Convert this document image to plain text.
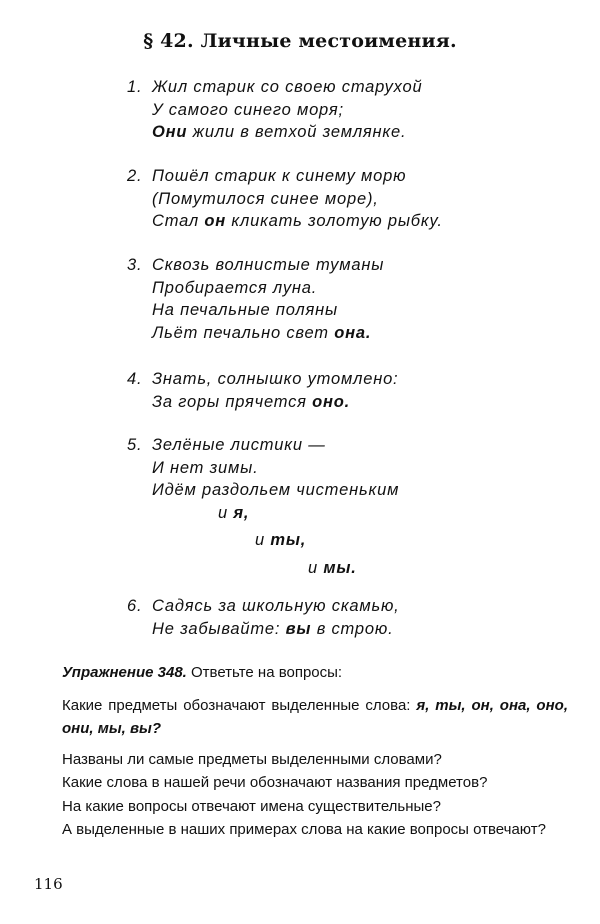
§ 42. Личные местоимения.
1. Жил старик со своею старухой
У самого синего моря;
Они жили в ветхой землянке.
2. Пошёл старик к синему морю
(Помутилося синее море),
Стал он кликать золотую рыбку.
3. Сквозь волнистые туманы
Пробирается луна.
На печальные поляны
Льёт печально свет она.
4. Знать, солнышко утомлено:
За горы прячется оно.
5. Зелёные листики —
И нет зимы.
Идём раздольем чистеньким
и я,
и ты,
и мы.
6. Садясь за школьную скамью,
Не забывайте: вы в строю.
Упражнение 348. Ответьте на вопросы:
Какие предметы обозначают выделенные слова: я, ты, он, она, оно, они, мы, вы?
Названы ли самые предметы выделенными словами?
Какие слова в нашей речи обозначают названия предметов?
На какие вопросы отвечают имена существительные?
А выделенные в наших примерах слова на какие вопросы отвечают?
116
